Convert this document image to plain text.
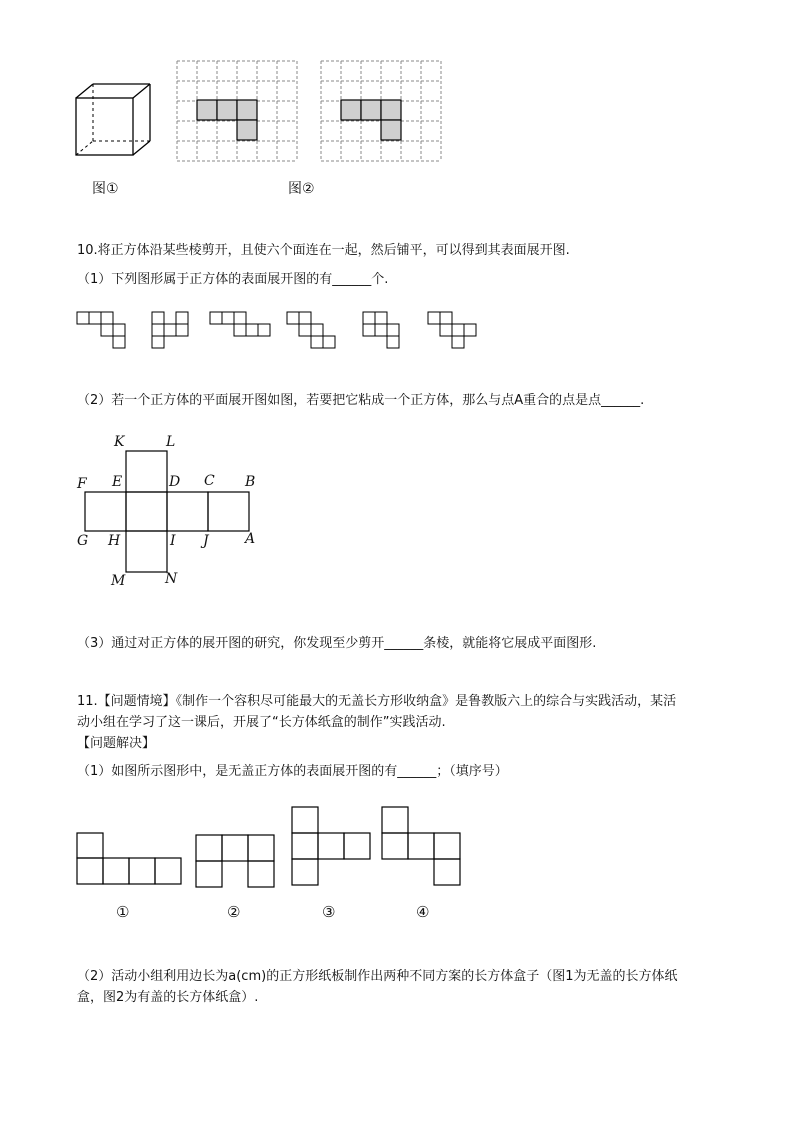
图①	图②
10.将正方体沿某些棱剪开，且使六个面连在一起，然后铺平，可以得到其表面展开图.
（1）下列图形属于正方体的表面展开图的有______个.
（2）若一个正方体的平面展开图如图，若要把它粘成一个正方体，那么与点A重合的点是点______.
K	L
F E	D C B
G H	I J	A
M	N
（3）通过对正方体的展开图的研究，你发现至少剪开______条棱，就能将它展成平面图形.
11.【问题情境】《制作一个容积尽可能最大的无盖长方形收纳盒》是鲁教版六上的综合与实践活动，某活
动小组在学习了这一课后，开展了“长方体纸盒的制作”实践活动.
【问题解决】
（1）如图所示图形中，是无盖正方体的表面展开图的有______；（填序号）
①	②	③	④
（2）活动小组利用边长为a(cm)的正方形纸板制作出两种不同方案的长方体盒子（图1为无盖的长方体纸
盒，图2为有盖的长方体纸盒）.
